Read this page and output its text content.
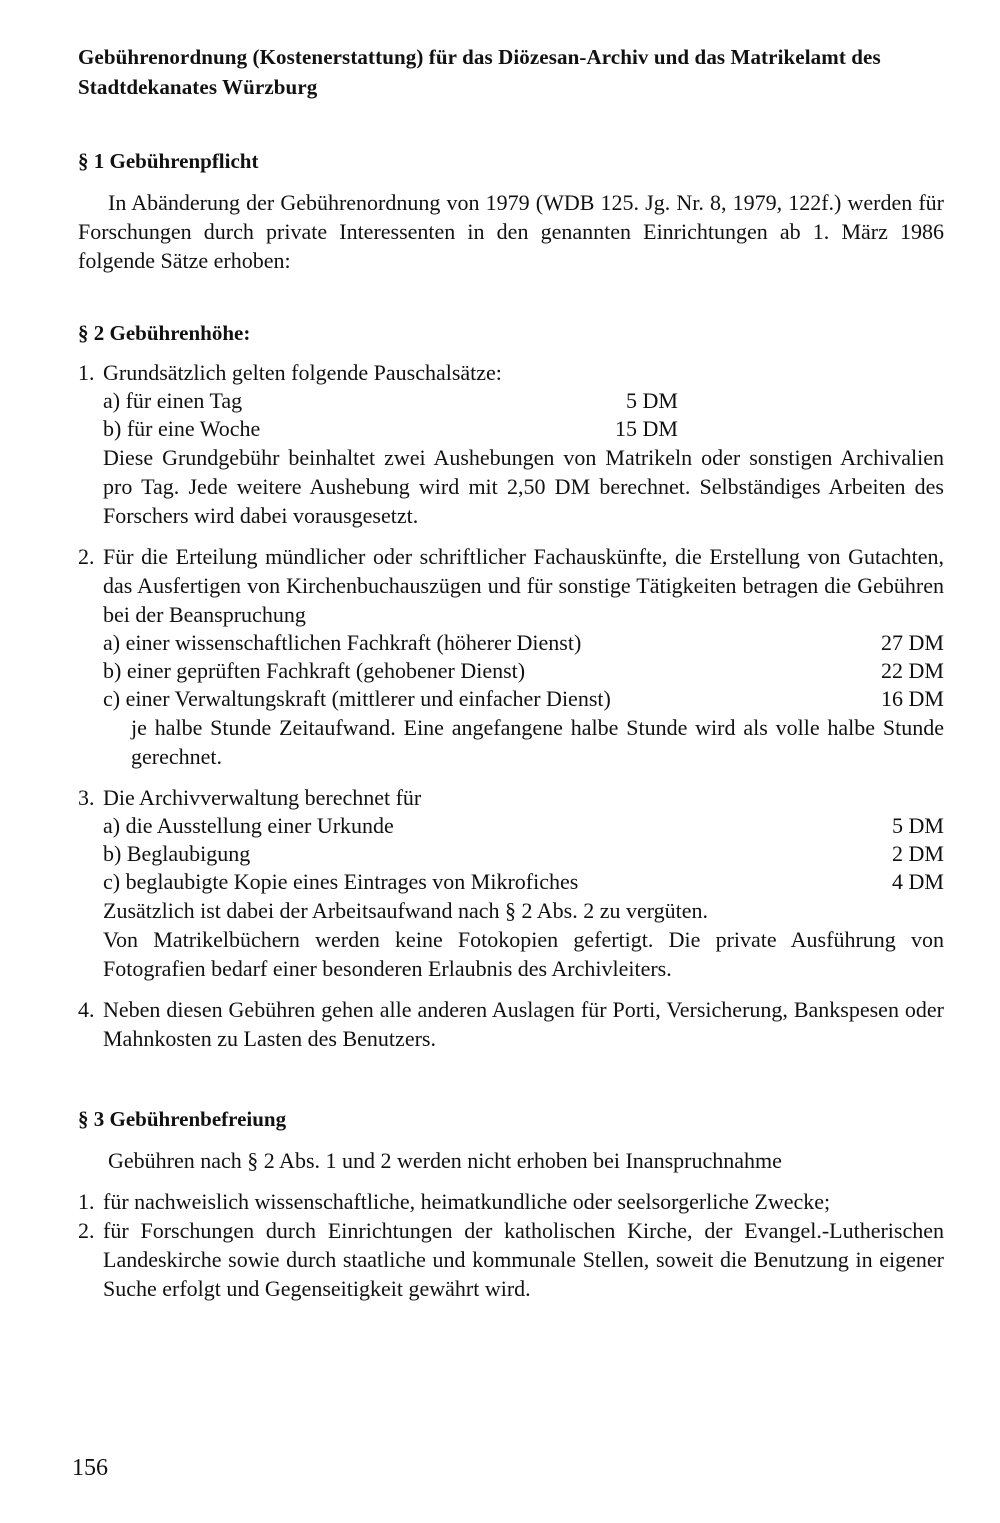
Gebührenordnung (Kostenerstattung) für das Diözesan-Archiv und das Matrikelamt des Stadtdekanates Würzburg

§ 1 Gebührenpflicht

In Abänderung der Gebührenordnung von 1979 (WDB 125. Jg. Nr. 8, 1979, 122f.) werden für Forschungen durch private Interessenten in den genannten Einrichtungen ab 1. März 1986 folgende Sätze erhoben:

§ 2 Gebührenhöhe:

1. Grundsätzlich gelten folgende Pauschalsätze:
a) für einen Tag	5 DM
b) für eine Woche	15 DM
Diese Grundgebühr beinhaltet zwei Aushebungen von Matrikeln oder sonstigen Archivalien pro Tag. Jede weitere Aushebung wird mit 2,50 DM berechnet. Selbständiges Arbeiten des Forschers wird dabei vorausgesetzt.
2. Für die Erteilung mündlicher oder schriftlicher Fachauskünfte, die Erstellung von Gutachten, das Ausfertigen von Kirchenbuchauszügen und für sonstige Tätigkeiten betragen die Gebühren bei der Beanspruchung
a) einer wissenschaftlichen Fachkraft (höherer Dienst)	27 DM
b) einer geprüften Fachkraft (gehobener Dienst)	22 DM
c) einer Verwaltungskraft (mittlerer und einfacher Dienst)	16 DM
je halbe Stunde Zeitaufwand. Eine angefangene halbe Stunde wird als volle halbe Stunde gerechnet.
3. Die Archivverwaltung berechnet für
a) die Ausstellung einer Urkunde	5 DM
b) Beglaubigung	2 DM
c) beglaubigte Kopie eines Eintrages von Mikrofiches	4 DM
Zusätzlich ist dabei der Arbeitsaufwand nach § 2 Abs. 2 zu vergüten.
Von Matrikelbüchern werden keine Fotokopien gefertigt. Die private Ausführung von Fotografien bedarf einer besonderen Erlaubnis des Archivleiters.
4. Neben diesen Gebühren gehen alle anderen Auslagen für Porti, Versicherung, Bankspesen oder Mahnkosten zu Lasten des Benutzers.

§ 3 Gebührenbefreiung

Gebühren nach § 2 Abs. 1 und 2 werden nicht erhoben bei Inanspruchnahme

1. für nachweislich wissenschaftliche, heimatkundliche oder seelsorgerliche Zwecke;
2. für Forschungen durch Einrichtungen der katholischen Kirche, der Evangel.-Lutherischen Landeskirche sowie durch staatliche und kommunale Stellen, soweit die Benutzung in eigener Suche erfolgt und Gegenseitigkeit gewährt wird.
156
